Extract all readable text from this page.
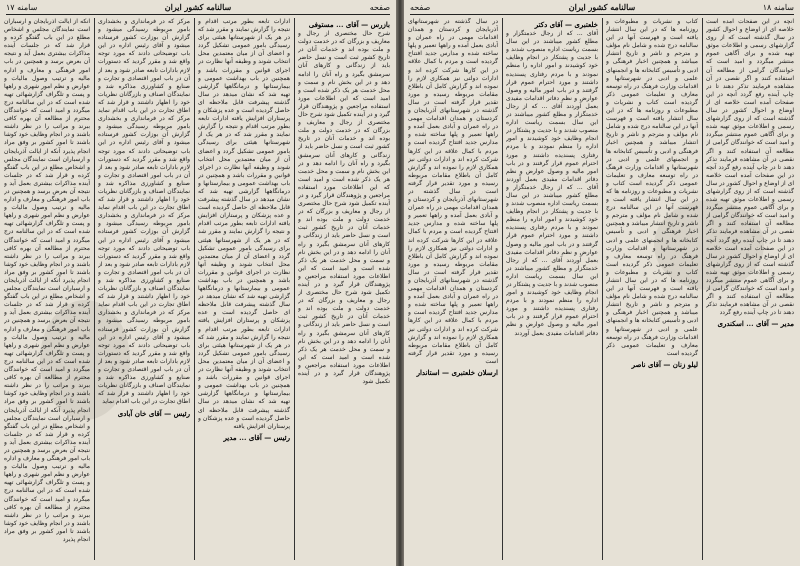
سامنه ۱۷	سالنامه کشور ایران	صفحه
آنکه از ایالت آذربایجان و ارسباران است نمایندگان مجلس و اشخاص مطلع در این باب گفتگو کرده و قرار شد که در جلسات آینده مذاکرات بیشتری بعمل آید و نتیجه آن بعرض برسد و همچنین در باب امور فرهنگی و معارف و اداره مالیه و ترتیب وصول مالیات و عوارض و نظم امور شهری و راهها و پست و تلگراف گزارشهائی تهیه شده است که در این سالنامه درج میگردد و امید است که خوانندگان محترم از مطالعه آن بهره کافی ببرند و مراتب را در نظر داشته باشند و در انجام وظایف خود کوشا باشند تا امور کشور بر وفق مراد انجام پذیرد آنکه از ایالت آذربایجان و ارسباران است نمایندگان مجلس و اشخاص مطلع در این باب گفتگو کرده و قرار شد که در جلسات آینده مذاکرات بیشتری بعمل آید و نتیجه آن بعرض برسد و همچنین در باب امور فرهنگی و معارف و اداره مالیه و ترتیب وصول مالیات و عوارض و نظم امور شهری و راهها و پست و تلگراف گزارشهائی تهیه شده است که در این سالنامه درج میگردد و امید است که خوانندگان محترم از مطالعه آن بهره کافی ببرند و مراتب را در نظر داشته باشند و در انجام وظایف خود کوشا باشند تا امور کشور بر وفق مراد انجام پذیرد آنکه از ایالت آذربایجان و ارسباران است نمایندگان مجلس و اشخاص مطلع در این باب گفتگو کرده و قرار شد که در جلسات آینده مذاکرات بیشتری بعمل آید و نتیجه آن بعرض برسد و همچنین در باب امور فرهنگی و معارف و اداره مالیه و ترتیب وصول مالیات و عوارض و نظم امور شهری و راهها و پست و تلگراف گزارشهائی تهیه شده است که در این سالنامه درج میگردد و امید است که خوانندگان محترم از مطالعه آن بهره کافی ببرند و مراتب را در نظر داشته باشند و در انجام وظایف خود کوشا باشند تا امور کشور بر وفق مراد انجام پذیرد آنکه از ایالت آذربایجان و ارسباران است نمایندگان مجلس و اشخاص مطلع در این باب گفتگو کرده و قرار شد که در جلسات آینده مذاکرات بیشتری بعمل آید و نتیجه آن بعرض برسد و همچنین در باب امور فرهنگی و معارف و اداره مالیه و ترتیب وصول مالیات و عوارض و نظم امور شهری و راهها و پست و تلگراف گزارشهائی تهیه شده است که در این سالنامه درج میگردد و امید است که خوانندگان محترم از مطالعه آن بهره کافی ببرند و مراتب را در نظر داشته باشند و در انجام وظایف خود کوشا باشند تا امور کشور بر وفق مراد انجام پذیرد
مرکز که در فرمانداری و بخشداری بامور مربوطه رسیدگی میشود و گزارش آن بوزارت کشور فرستاده میشود و آقای رئیس اداره در این باب توضیحاتی دادند که مورد توجه واقع شد و مقرر گردید که دستورات لازم بادارات تابعه صادر شود و بعد از آن در باب امور اقتصادی و تجارت و صنایع و کشاورزی مذاکره شد و نمایندگان اصناف و بازرگانان نظریات خود را اظهار داشتند و قرار شد که اطاق تجارت در این باب اقدام نماید مرکز که در فرمانداری و بخشداری بامور مربوطه رسیدگی میشود و گزارش آن بوزارت کشور فرستاده میشود و آقای رئیس اداره در این باب توضیحاتی دادند که مورد توجه واقع شد و مقرر گردید که دستورات لازم بادارات تابعه صادر شود و بعد از آن در باب امور اقتصادی و تجارت و صنایع و کشاورزی مذاکره شد و نمایندگان اصناف و بازرگانان نظریات خود را اظهار داشتند و قرار شد که اطاق تجارت در این باب اقدام نماید مرکز که در فرمانداری و بخشداری بامور مربوطه رسیدگی میشود و گزارش آن بوزارت کشور فرستاده میشود و آقای رئیس اداره در این باب توضیحاتی دادند که مورد توجه واقع شد و مقرر گردید که دستورات لازم بادارات تابعه صادر شود و بعد از آن در باب امور اقتصادی و تجارت و صنایع و کشاورزی مذاکره شد و نمایندگان اصناف و بازرگانان نظریات خود را اظهار داشتند و قرار شد که اطاق تجارت در این باب اقدام نماید مرکز که در فرمانداری و بخشداری بامور مربوطه رسیدگی میشود و گزارش آن بوزارت کشور فرستاده میشود و آقای رئیس اداره در این باب توضیحاتی دادند که مورد توجه واقع شد و مقرر گردید که دستورات لازم بادارات تابعه صادر شود و بعد از آن در باب امور اقتصادی و تجارت و صنایع و کشاورزی مذاکره شد و نمایندگان اصناف و بازرگانان نظریات خود را اظهار داشتند و قرار شد که اطاق تجارت در این باب اقدام نماید
رئیس — آقای خان آبادی
ادارات تابعه بطور مرتب اقدام و نتیجه را گزارش نمایند و مقرر شد که در هر یک از شهرستانها هیئتی برای رسیدگی بامور عمومی تشکیل گردد و اعضای آن از میان معتمدین محل انتخاب شوند و وظیفه آنها نظارت در اجرای قوانین و مقررات باشد و همچنین در باب بهداشت عمومی و بیمارستانها و درمانگاهها گزارشی تهیه شد که نشان میدهد در سال گذشته پیشرفت قابل ملاحظه ای حاصل گردیده است و عده پزشکان و پرستاران افزایش یافته ادارات تابعه بطور مرتب اقدام و نتیجه را گزارش نمایند و مقرر شد که در هر یک از شهرستانها هیئتی برای رسیدگی بامور عمومی تشکیل گردد و اعضای آن از میان معتمدین محل انتخاب شوند و وظیفه آنها نظارت در اجرای قوانین و مقررات باشد و همچنین در باب بهداشت عمومی و بیمارستانها و درمانگاهها گزارشی تهیه شد که نشان میدهد در سال گذشته پیشرفت قابل ملاحظه ای حاصل گردیده است و عده پزشکان و پرستاران افزایش یافته ادارات تابعه بطور مرتب اقدام و نتیجه را گزارش نمایند و مقرر شد که در هر یک از شهرستانها هیئتی برای رسیدگی بامور عمومی تشکیل گردد و اعضای آن از میان معتمدین محل انتخاب شوند و وظیفه آنها نظارت در اجرای قوانین و مقررات باشد و همچنین در باب بهداشت عمومی و بیمارستانها و درمانگاهها گزارشی تهیه شد که نشان میدهد در سال گذشته پیشرفت قابل ملاحظه ای حاصل گردیده است و عده پزشکان و پرستاران افزایش یافته ادارات تابعه بطور مرتب اقدام و نتیجه را گزارش نمایند و مقرر شد که در هر یک از شهرستانها هیئتی برای رسیدگی بامور عمومی تشکیل گردد و اعضای آن از میان معتمدین محل انتخاب شوند و وظیفه آنها نظارت در اجرای قوانین و مقررات باشد و همچنین در باب بهداشت عمومی و بیمارستانها و درمانگاهها گزارشی تهیه شد که نشان میدهد در سال گذشته پیشرفت قابل ملاحظه ای حاصل گردیده است و عده پزشکان و پرستاران افزایش یافته
رئیس — آقای ... مدیر
بازرس — آقای ... مستوفی
شرح حال مختصری از رجال و معاریف و بزرگان که در خدمت دولت و ملت بوده اند و خدمات آنان در تاریخ کشور ثبت است و نسل حاضر باید از زندگانی و کارهای آنان سرمشق بگیرد و راه آنان را ادامه دهد و در این بخش نام و سمت و محل خدمت هر یک ذکر شده است و امید است که این اطلاعات مورد استفاده مراجعین و پژوهندگان قرار گیرد و در آینده تکمیل شود شرح حال مختصری از رجال و معاریف و بزرگان که در خدمت دولت و ملت بوده اند و خدمات آنان در تاریخ کشور ثبت است و نسل حاضر باید از زندگانی و کارهای آنان سرمشق بگیرد و راه آنان را ادامه دهد و در این بخش نام و سمت و محل خدمت هر یک ذکر شده است و امید است که این اطلاعات مورد استفاده مراجعین و پژوهندگان قرار گیرد و در آینده تکمیل شود شرح حال مختصری از رجال و معاریف و بزرگان که در خدمت دولت و ملت بوده اند و خدمات آنان در تاریخ کشور ثبت است و نسل حاضر باید از زندگانی و کارهای آنان سرمشق بگیرد و راه آنان را ادامه دهد و در این بخش نام و سمت و محل خدمت هر یک ذکر شده است و امید است که این اطلاعات مورد استفاده مراجعین و پژوهندگان قرار گیرد و در آینده تکمیل شود شرح حال مختصری از رجال و معاریف و بزرگان که در خدمت دولت و ملت بوده اند و خدمات آنان در تاریخ کشور ثبت است و نسل حاضر باید از زندگانی و کارهای آنان سرمشق بگیرد و راه آنان را ادامه دهد و در این بخش نام و سمت و محل خدمت هر یک ذکر شده است و امید است که این اطلاعات مورد استفاده مراجعین و پژوهندگان قرار گیرد و در آینده تکمیل شود
صفحه	سالنامه کشور ایران	سامنه ۱۸
در سال گذشته در شهرستانهای آذربایجان و کردستان و همدان اقدامات مهمی در راه عمران و آبادی بعمل آمده و راهها تعمیر و پلها ساخته شده و مدارس جدید افتتاح گردیده است و مردم با کمال علاقه در این کارها شرکت کرده اند و ادارات دولتی نیز همکاری لازم را نموده اند و گزارش کامل آن باطلاع مقامات مربوطه رسیده و مورد تقدیر قرار گرفته است در سال گذشته در شهرستانهای آذربایجان و کردستان و همدان اقدامات مهمی در راه عمران و آبادی بعمل آمده و راهها تعمیر و پلها ساخته شده و مدارس جدید افتتاح گردیده است و مردم با کمال علاقه در این کارها شرکت کرده اند و ادارات دولتی نیز همکاری لازم را نموده اند و گزارش کامل آن باطلاع مقامات مربوطه رسیده و مورد تقدیر قرار گرفته است در سال گذشته در شهرستانهای آذربایجان و کردستان و همدان اقدامات مهمی در راه عمران و آبادی بعمل آمده و راهها تعمیر و پلها ساخته شده و مدارس جدید افتتاح گردیده است و مردم با کمال علاقه در این کارها شرکت کرده اند و ادارات دولتی نیز همکاری لازم را نموده اند و گزارش کامل آن باطلاع مقامات مربوطه رسیده و مورد تقدیر قرار گرفته است در سال گذشته در شهرستانهای آذربایجان و کردستان و همدان اقدامات مهمی در راه عمران و آبادی بعمل آمده و راهها تعمیر و پلها ساخته شده و مدارس جدید افتتاح گردیده است و مردم با کمال علاقه در این کارها شرکت کرده اند و ادارات دولتی نیز همکاری لازم را نموده اند و گزارش کامل آن باطلاع مقامات مربوطه رسیده و مورد تقدیر قرار گرفته است
ارسلان خلعتبری — استاندار
خلعتبری — آقای دکتر
آقای ... که از رجال خدمتگزار و مطلع کشور میباشند در این سال بسمت ریاست اداره منصوب شدند و با جدیت و پشتکار در انجام وظایف خود کوشیدند و امور اداره را منظم نمودند و با مردم رفتاری پسندیده داشتند و مورد احترام عموم قرار گرفتند و در باب امور مالیه و وصول عوارض و نظم دفاتر اقدامات مفیدی بعمل آوردند آقای ... که از رجال خدمتگزار و مطلع کشور میباشند در این سال بسمت ریاست اداره منصوب شدند و با جدیت و پشتکار در انجام وظایف خود کوشیدند و امور اداره را منظم نمودند و با مردم رفتاری پسندیده داشتند و مورد احترام عموم قرار گرفتند و در باب امور مالیه و وصول عوارض و نظم دفاتر اقدامات مفیدی بعمل آوردند آقای ... که از رجال خدمتگزار و مطلع کشور میباشند در این سال بسمت ریاست اداره منصوب شدند و با جدیت و پشتکار در انجام وظایف خود کوشیدند و امور اداره را منظم نمودند و با مردم رفتاری پسندیده داشتند و مورد احترام عموم قرار گرفتند و در باب امور مالیه و وصول عوارض و نظم دفاتر اقدامات مفیدی بعمل آوردند آقای ... که از رجال خدمتگزار و مطلع کشور میباشند در این سال بسمت ریاست اداره منصوب شدند و با جدیت و پشتکار در انجام وظایف خود کوشیدند و امور اداره را منظم نمودند و با مردم رفتاری پسندیده داشتند و مورد احترام عموم قرار گرفتند و در باب امور مالیه و وصول عوارض و نظم دفاتر اقدامات مفیدی بعمل آوردند
کتاب و نشریات و مطبوعات و روزنامه ها که در این سال انتشار یافته است و فهرست آنها در این سالنامه درج شده و شامل نام مؤلف و مترجم و ناشر و تاریخ انتشار میباشد و همچنین اخبار فرهنگی و ادبی و تأسیس کتابخانه ها و انجمنهای علمی و ادبی در شهرستانها و اقدامات وزارت فرهنگ در راه توسعه معارف و تعلیمات عمومی ذکر گردیده است کتاب و نشریات و مطبوعات و روزنامه ها که در این سال انتشار یافته است و فهرست آنها در این سالنامه درج شده و شامل نام مؤلف و مترجم و ناشر و تاریخ انتشار میباشد و همچنین اخبار فرهنگی و ادبی و تأسیس کتابخانه ها و انجمنهای علمی و ادبی در شهرستانها و اقدامات وزارت فرهنگ در راه توسعه معارف و تعلیمات عمومی ذکر گردیده است کتاب و نشریات و مطبوعات و روزنامه ها که در این سال انتشار یافته است و فهرست آنها در این سالنامه درج شده و شامل نام مؤلف و مترجم و ناشر و تاریخ انتشار میباشد و همچنین اخبار فرهنگی و ادبی و تأسیس کتابخانه ها و انجمنهای علمی و ادبی در شهرستانها و اقدامات وزارت فرهنگ در راه توسعه معارف و تعلیمات عمومی ذکر گردیده است کتاب و نشریات و مطبوعات و روزنامه ها که در این سال انتشار یافته است و فهرست آنها در این سالنامه درج شده و شامل نام مؤلف و مترجم و ناشر و تاریخ انتشار میباشد و همچنین اخبار فرهنگی و ادبی و تأسیس کتابخانه ها و انجمنهای علمی و ادبی در شهرستانها و اقدامات وزارت فرهنگ در راه توسعه معارف و تعلیمات عمومی ذکر گردیده است
لیلو زنان — آقای ناصر
آنچه در این صفحات آمده است خلاصه ای از اوضاع و احوال کشور در سال گذشته است که از روی گزارشهای رسمی و اطلاعات موثق تهیه شده و برای آگاهی عموم منتشر میگردد و امید است که خوانندگان گرامی از مطالعه آن استفاده کنند و اگر نقصی در آن مشاهده فرمایند تذکر دهند تا در چاپ آینده رفع گردد آنچه در این صفحات آمده است خلاصه ای از اوضاع و احوال کشور در سال گذشته است که از روی گزارشهای رسمی و اطلاعات موثق تهیه شده و برای آگاهی عموم منتشر میگردد و امید است که خوانندگان گرامی از مطالعه آن استفاده کنند و اگر نقصی در آن مشاهده فرمایند تذکر دهند تا در چاپ آینده رفع گردد آنچه در این صفحات آمده است خلاصه ای از اوضاع و احوال کشور در سال گذشته است که از روی گزارشهای رسمی و اطلاعات موثق تهیه شده و برای آگاهی عموم منتشر میگردد و امید است که خوانندگان گرامی از مطالعه آن استفاده کنند و اگر نقصی در آن مشاهده فرمایند تذکر دهند تا در چاپ آینده رفع گردد آنچه در این صفحات آمده است خلاصه ای از اوضاع و احوال کشور در سال گذشته است که از روی گزارشهای رسمی و اطلاعات موثق تهیه شده و برای آگاهی عموم منتشر میگردد و امید است که خوانندگان گرامی از مطالعه آن استفاده کنند و اگر نقصی در آن مشاهده فرمایند تذکر دهند تا در چاپ آینده رفع گردد
مدیر — آقای ... اسکندری
